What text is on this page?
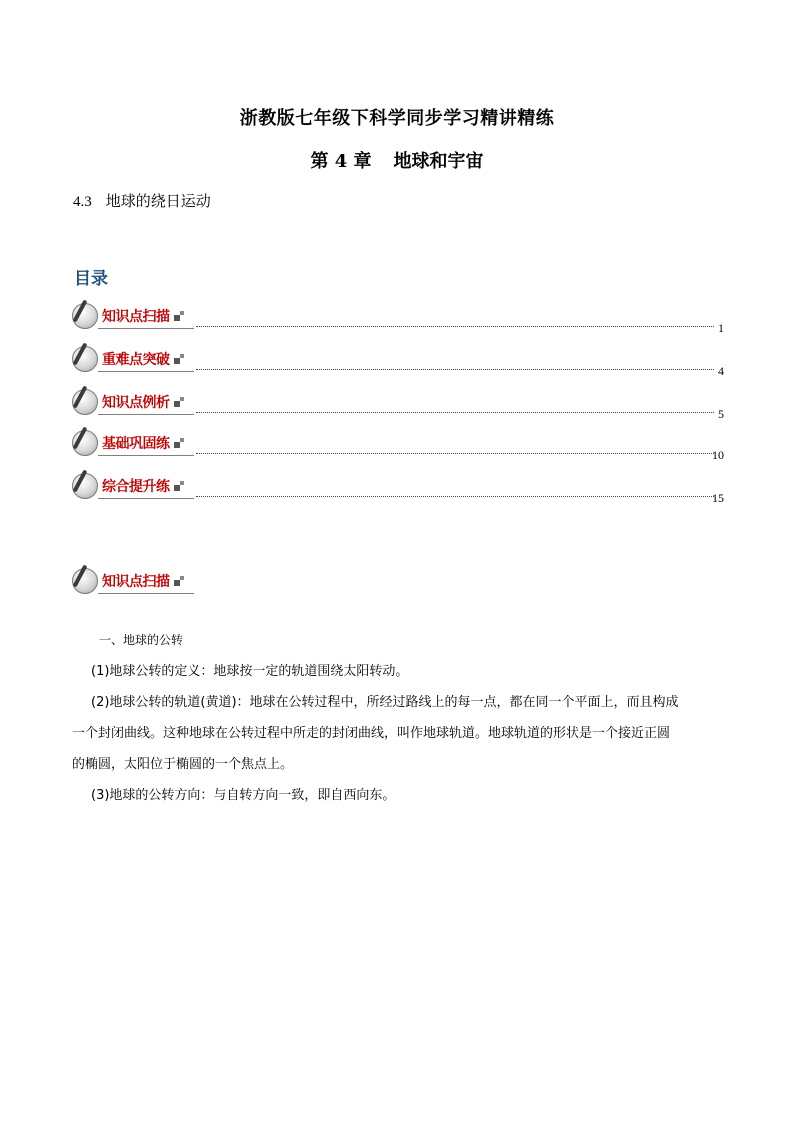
浙教版七年级下科学同步学习精讲精练
第 4 章 地球和宇宙
4.3 地球的绕日运动
目录
知识点扫描
1
重难点突破
4
知识点例析
5
基础巩固练
10
综合提升练
15
知识点扫描

一、地球的公转

(1)地球公转的定义：地球按一定的轨道围绕太阳转动。

(2)地球公转的轨道(黄道)：地球在公转过程中，所经过路线上的每一点，都在同一个平面上，而且构成

一个封闭曲线。这种地球在公转过程中所走的封闭曲线，叫作地球轨道。地球轨道的形状是一个接近正圆

的椭圆，太阳位于椭圆的一个焦点上。

(3)地球的公转方向：与自转方向一致，即自西向东。
